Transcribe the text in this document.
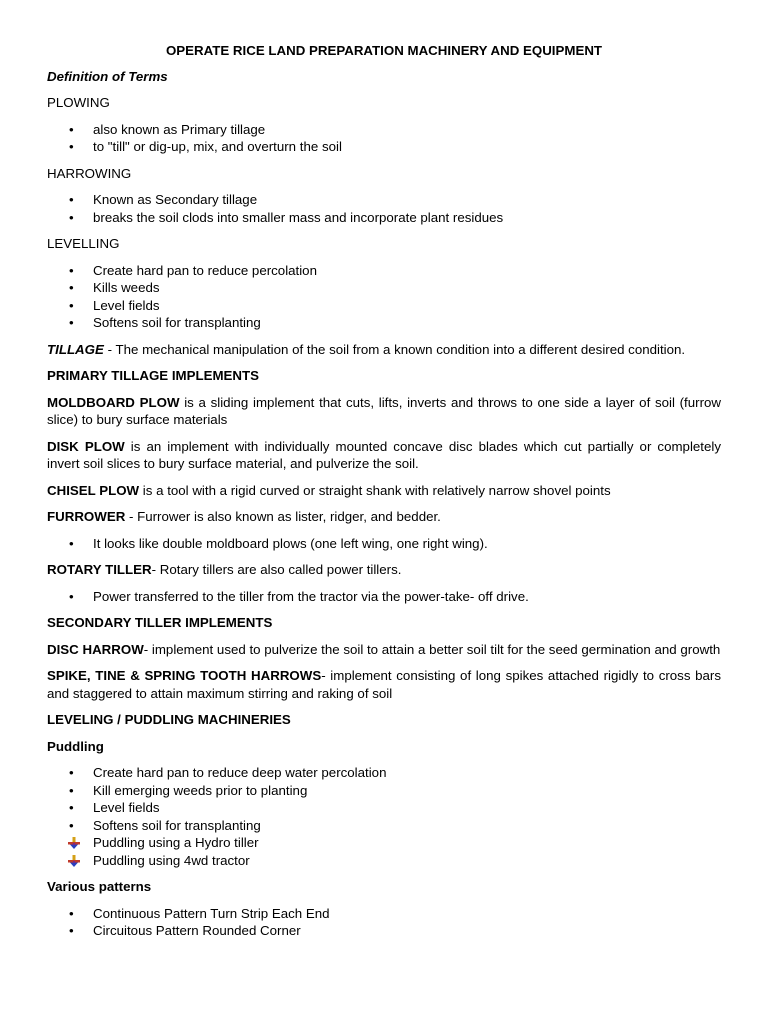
OPERATE RICE LAND PREPARATION MACHINERY AND EQUIPMENT
Definition of Terms
PLOWING
• also known as Primary tillage
• to "till" or dig-up, mix, and overturn the soil
HARROWING
• Known as Secondary tillage
• breaks the soil clods into smaller mass and incorporate plant residues
LEVELLING
• Create hard pan to reduce percolation
• Kills weeds
• Level fields
• Softens soil for transplanting
TILLAGE - The mechanical manipulation of the soil from a known condition into a different desired condition.
PRIMARY TILLAGE IMPLEMENTS
MOLDBOARD PLOW is a sliding implement that cuts, lifts, inverts and throws to one side a layer of soil (furrow slice) to bury surface materials
DISK PLOW is an implement with individually mounted concave disc blades which cut partially or completely invert soil slices to bury surface material, and pulverize the soil.
CHISEL PLOW is a tool with a rigid curved or straight shank with relatively narrow shovel points
FURROWER - Furrower is also known as lister, ridger, and bedder.
• It looks like double moldboard plows (one left wing, one right wing).
ROTARY TILLER- Rotary tillers are also called power tillers.
• Power transferred to the tiller from the tractor via the power-take- off drive.
SECONDARY TILLER IMPLEMENTS
DISC HARROW- implement used to pulverize the soil to attain a better soil tilt for the seed germination and growth
SPIKE, TINE & SPRING TOOTH HARROWS- implement consisting of long spikes attached rigidly to cross bars and staggered to attain maximum stirring and raking of soil
LEVELING / PUDDLING MACHINERIES
Puddling
• Create hard pan to reduce deep water percolation
• Kill emerging weeds prior to planting
• Level fields
• Softens soil for transplanting
Puddling using a Hydro tiller
Puddling using 4wd tractor
Various patterns
• Continuous Pattern Turn Strip Each End
• Circuitous Pattern Rounded Corner
